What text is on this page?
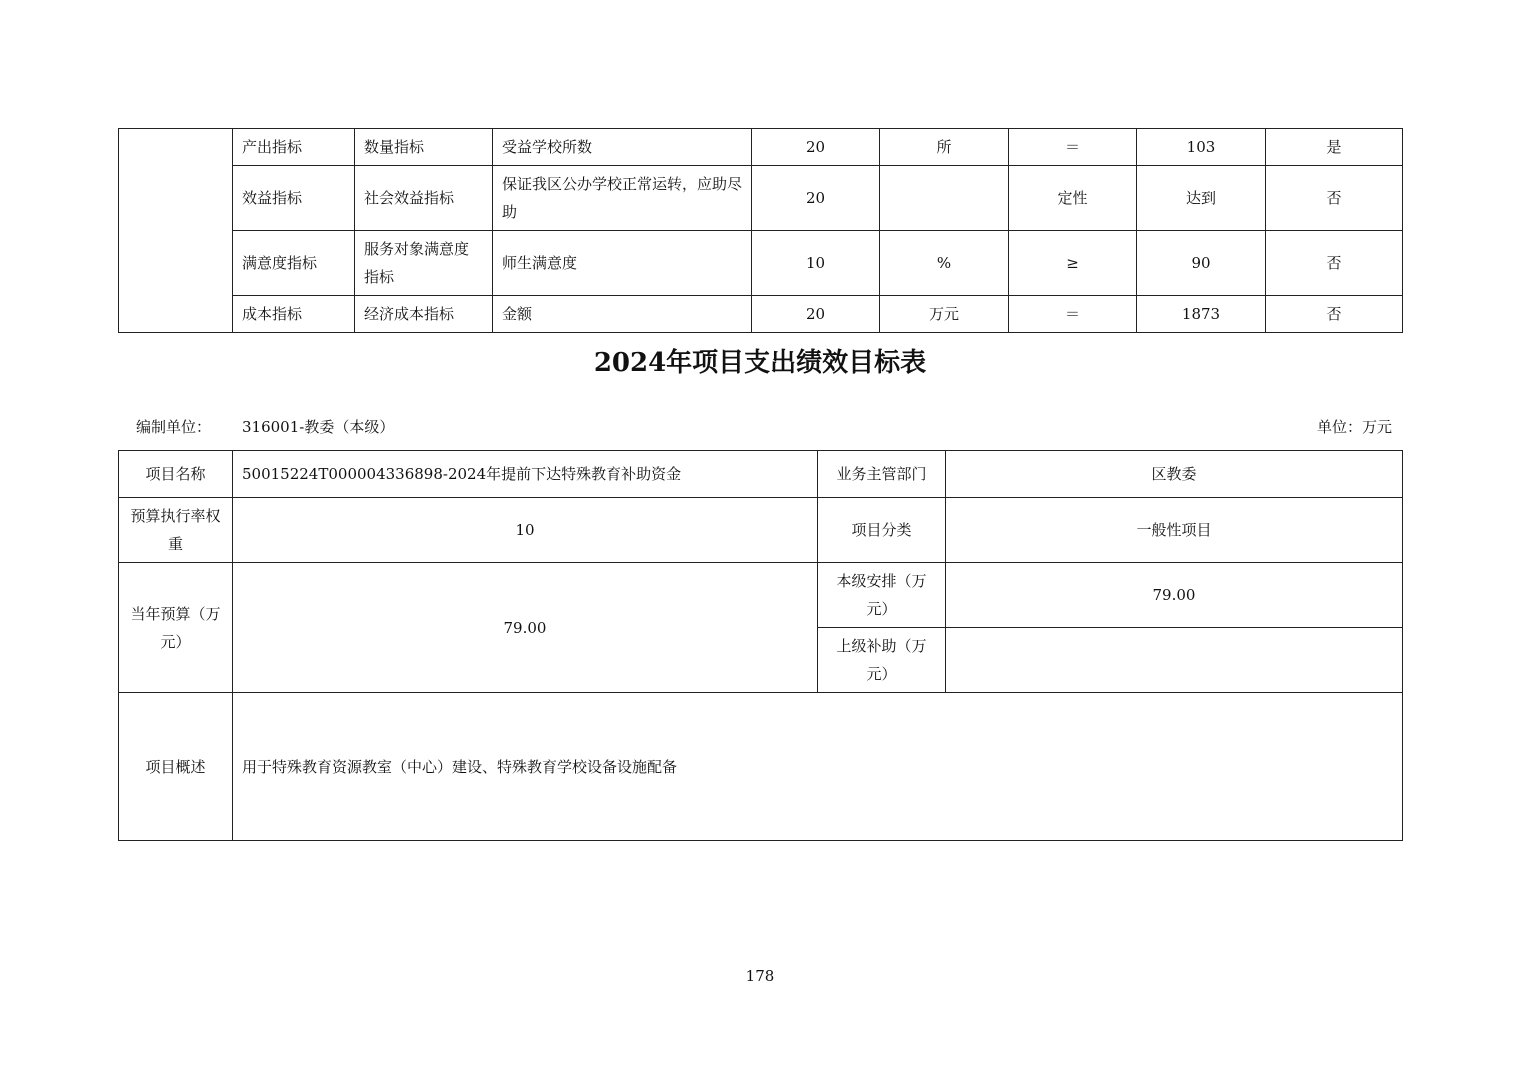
	产出指标	数量指标	受益学校所数	20	所	＝	103	是
	效益指标	社会效益指标	保证我区公办学校正常运转，应助尽助	20		定性	达到	否
	满意度指标	服务对象满意度指标	师生满意度	10	%	≥	90	否
	成本指标	经济成本指标	金额	20	万元	＝	1873	否
2024年项目支出绩效目标表
编制单位： 316001-教委（本级）	单位：万元
项目名称	50015224T000004336898-2024年提前下达特殊教育补助资金	业务主管部门	区教委
预算执行率权重	10	项目分类	一般性项目
当年预算（万元）	79.00	本级安排（万元）	79.00
		上级补助（万元）	
项目概述	用于特殊教育资源教室（中心）建设、特殊教育学校设备设施配备		
178
